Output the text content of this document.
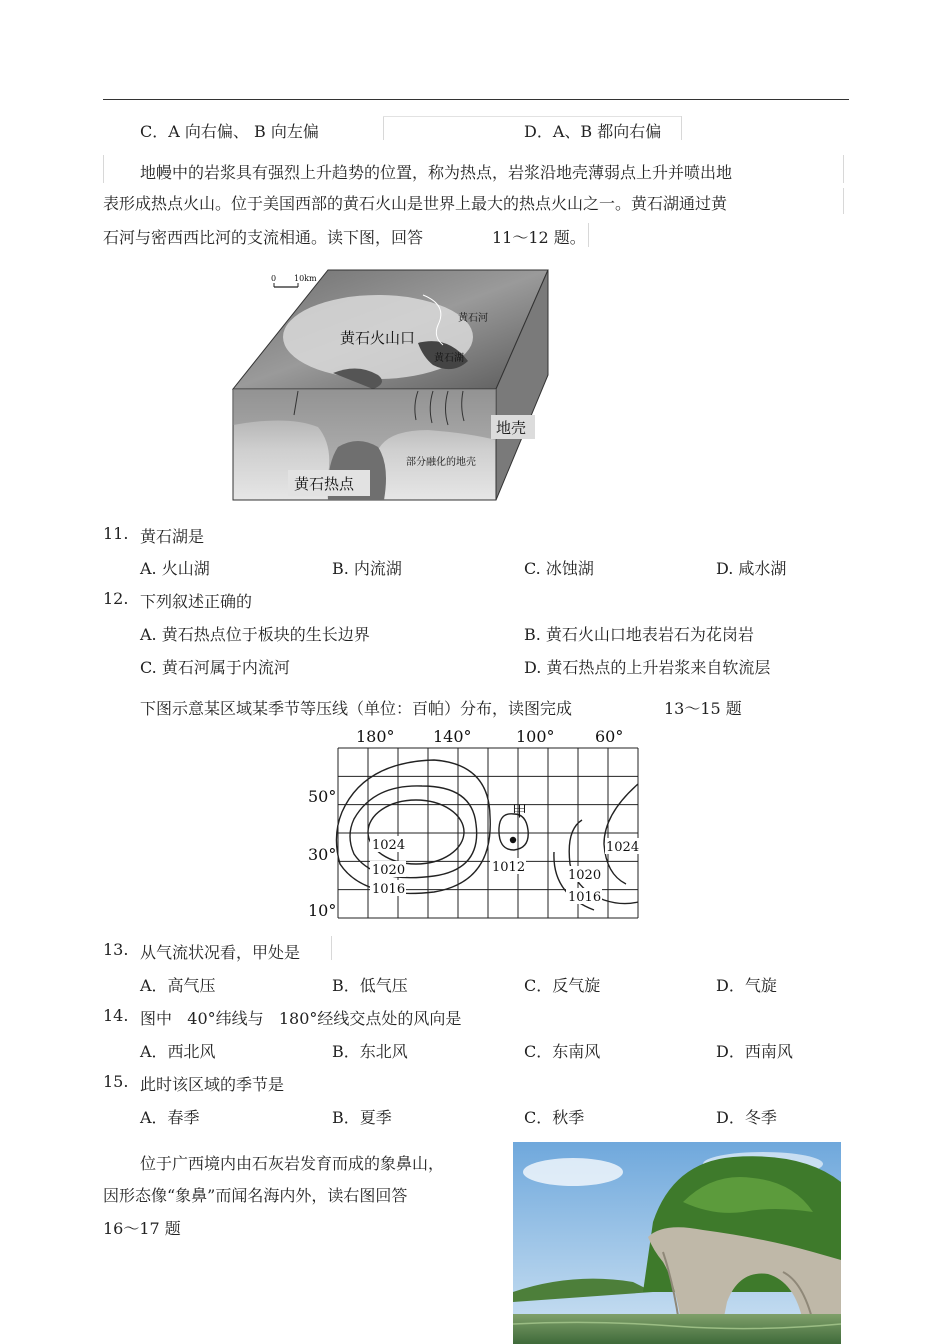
C．A 向右偏、 B 向左偏	D．A、B 都向右偏
地幔中的岩浆具有强烈上升趋势的位置，称为热点，岩浆沿地壳薄弱点上升并喷出地
表形成热点火山。位于美国西部的黄石火山是世界上最大的热点火山之一。黄石湖通过黄
石河与密西西比河的支流相通。读下图，回答	11～12 题。
0 10km
黄石火山口
黄石河
黄石湖
地壳
部分融化的地壳
黄石热点
11. 黄石湖是
A. 火山湖	B. 内流湖	C. 冰蚀湖	D. 咸水湖
12. 下列叙述正确的
A. 黄石热点位于板块的生长边界	B. 黄石火山口地表岩石为花岗岩
C. 黄石河属于内流河	D. 黄石热点的上升岩浆来自软流层
下图示意某区域某季节等压线（单位：百帕）分布，读图完成	13～15 题
180° 140°	100°	60°
50°
30°
10°
甲
1024
1020
1016
1012
1020
1016
1024
13. 从气流状况看，甲处是
A．高气压	B．低气压	C．反气旋	D．气旋
14. 图中   40°纬线与   180°经线交点处的风向是
A．西北风	B．东北风	C．东南风	D．西南风
15. 此时该区域的季节是
A．春季	B．夏季	C．秋季	D．冬季
位于广西境内由石灰岩发育而成的象鼻山，
因形态像“象鼻”而闻名海内外，读右图回答
16～17 题
